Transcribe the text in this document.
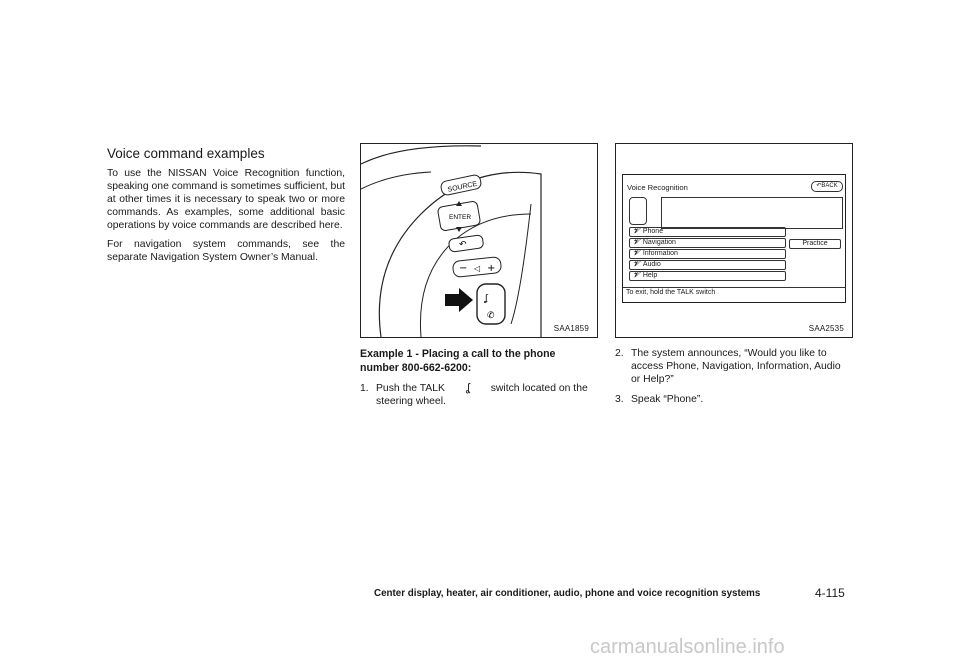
Voice command examples

To use the NISSAN Voice Recognition function, speaking one command is sometimes sufficient, but at other times it is necessary to speak two or more commands. As examples, some additional basic operations by voice commands are described here.

For navigation system commands, see the separate Navigation System Owner’s Manual.

SOURCE
ENTER
↶
− ◁ +
ʆ
✆
SAA1859
Example 1 - Placing a call to the phone number 800-662-6200:
1. Push the TALK ʆ switch located on the steering wheel.
Voice Recognition	↶BACK
𝒱 Phone
𝒱 Navigation
𝒱 Information
𝒱 Audio
𝒱 Help
Practice
To exit, hold the TALK switch
SAA2535
2. The system announces, “Would you like to access Phone, Navigation, Information, Audio or Help?”
3. Speak “Phone”.
Center display, heater, air conditioner, audio, phone and voice recognition systems	4-115
carmanualsonline.info
